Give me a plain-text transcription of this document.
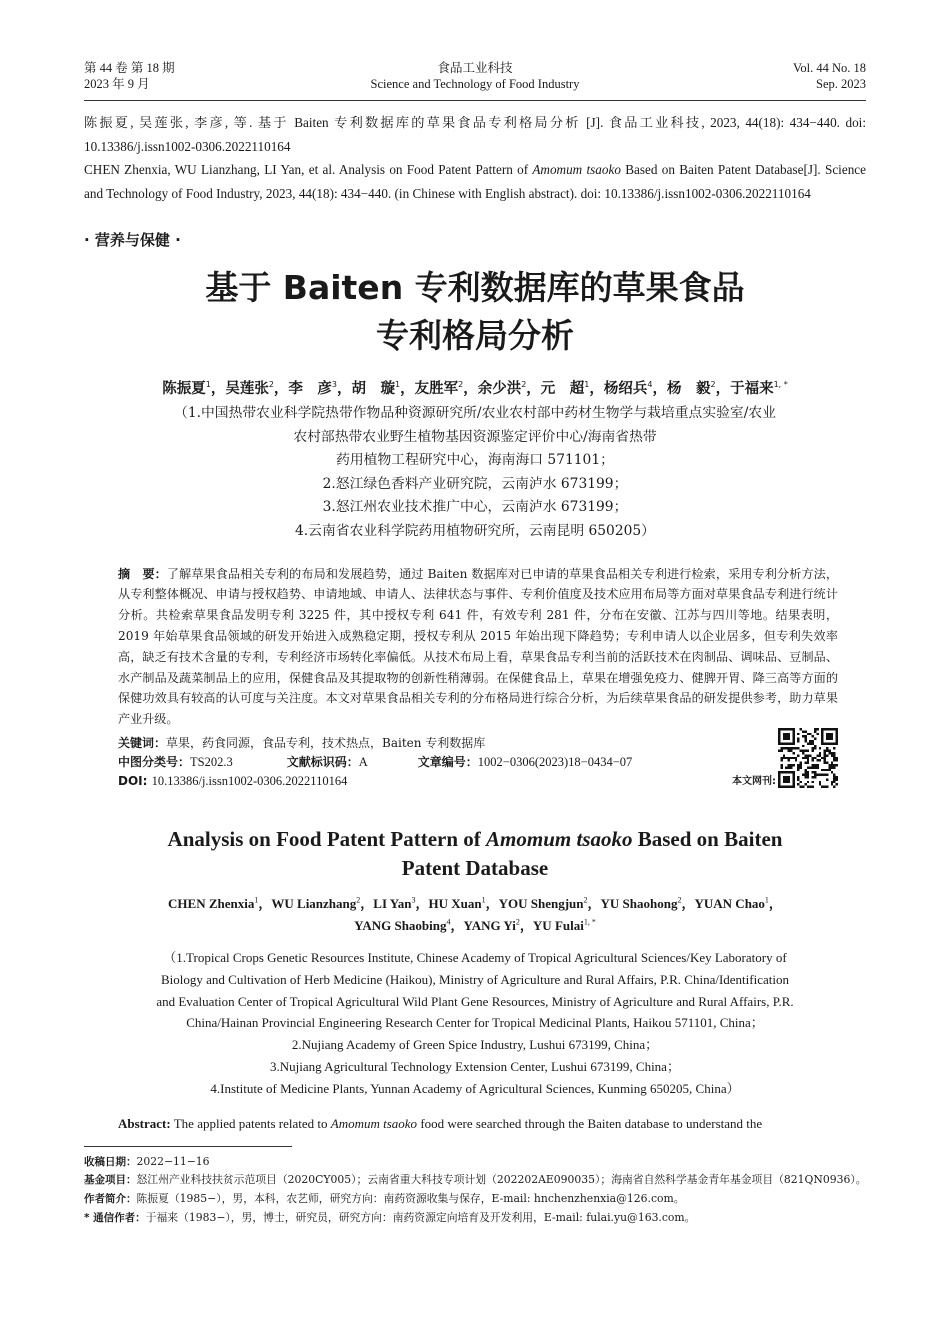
第 44 卷 第 18 期
2023 年 9 月
食品工业科技
Science and Technology of Food Industry
Vol. 44 No. 18
Sep. 2023

陈振夏, 吴莲张, 李彦, 等. 基于 Baiten 专利数据库的草果食品专利格局分析 [J]. 食品工业科技, 2023, 44(18): 434−440. doi: 10.13386/j.issn1002-0306.2022110164

CHEN Zhenxia, WU Lianzhang, LI Yan, et al. Analysis on Food Patent Pattern of Amomum tsaoko Based on Baiten Patent Database[J]. Science and Technology of Food Industry, 2023, 44(18): 434−440. (in Chinese with English abstract). doi: 10.13386/j.issn1002-0306.2022110164

· 营养与保健 ·
基于 Baiten 专利数据库的草果食品
专利格局分析
陈振夏$^1$，吴莲张$^2$，李　彦$^3$，胡　璇$^1$，友胜军$^2$，余少洪$^2$，元　超$^1$，杨绍兵$^4$，杨　毅$^2$，于福来$^{1, *}$
（1.中国热带农业科学院热带作物品种资源研究所/农业农村部中药材生物学与栽培重点实验室/农业
农村部热带农业野生植物基因资源鉴定评价中心/海南省热带
药用植物工程研究中心，海南海口 571101；
2.怒江绿色香料产业研究院，云南泸水 673199；
3.怒江州农业技术推广中心，云南泸水 673199；
4.云南省农业科学院药用植物研究所，云南昆明 650205）
摘　要：了解草果食品相关专利的布局和发展趋势，通过 Baiten 数据库对已申请的草果食品相关专利进行检索，采用专利分析方法，从专利整体概况、申请与授权趋势、申请地域、申请人、法律状态与事件、专利价值度及技术应用布局等方面对草果食品专利进行统计分析。共检索草果食品发明专利 3225 件，其中授权专利 641 件，有效专利 281 件，分布在安徽、江苏与四川等地。结果表明，2019 年始草果食品领域的研发开始进入成熟稳定期，授权专利从 2015 年始出现下降趋势；专利申请人以企业居多，但专利失效率高，缺乏有技术含量的专利，专利经济市场转化率偏低。从技术布局上看，草果食品专利当前的活跃技术在肉制品、调味品、豆制品、水产制品及蔬菜制品上的应用，保健食品及其提取物的创新性稍薄弱。在保健食品上，草果在增强免疫力、健脾开胃、降三高等方面的保健功效具有较高的认可度与关注度。本文对草果食品相关专利的分布格局进行综合分析，为后续草果食品的研发提供参考，助力草果产业升级。
关键词：草果，药食同源，食品专利，技术热点，Baiten 专利数据库
中图分类号：TS202.3	文献标识码：A	文章编号：1002−0306(2023)18−0434−07
DOI: 10.13386/j.issn1002-0306.2022110164	本文网刊:
Analysis on Food Patent Pattern of Amomum tsaoko Based on Baiten
Patent Database
CHEN Zhenxia$^1$，WU Lianzhang$^2$，LI Yan$^3$，HU Xuan$^1$，YOU Shengjun$^2$，YU Shaohong$^2$，YUAN Chao$^1$，
YANG Shaobing$^4$，YANG Yi$^2$，YU Fulai$^{1, *}$
（1.Tropical Crops Genetic Resources Institute, Chinese Academy of Tropical Agricultural Sciences/Key Laboratory of
Biology and Cultivation of Herb Medicine (Haikou), Ministry of Agriculture and Rural Affairs, P.R. China/Identification
and Evaluation Center of Tropical Agricultural Wild Plant Gene Resources, Ministry of Agriculture and Rural Affairs, P.R.
China/Hainan Provincial Engineering Research Center for Tropical Medicinal Plants, Haikou 571101, China；
2.Nujiang Academy of Green Spice Industry, Lushui 673199, China；
3.Nujiang Agricultural Technology Extension Center, Lushui 673199, China；
4.Institute of Medicine Plants, Yunnan Academy of Agricultural Sciences, Kunming 650205, China）
Abstract: The applied patents related to Amomum tsaoko food were searched through the Baiten database to understand the
收稿日期：2022−11−16
基金项目：怒江州产业科技扶贫示范项目（2020CY005）；云南省重大科技专项计划（202202AE090035）；海南省自然科学基金青年基金项目（821QN0936）。
作者简介：陈振夏（1985−），男，本科，农艺师，研究方向：南药资源收集与保存，E-mail: hnchenzhenxia@126.com。
* 通信作者：于福来（1983−），男，博士，研究员，研究方向：南药资源定向培育及开发利用，E-mail: fulai.yu@163.com。
